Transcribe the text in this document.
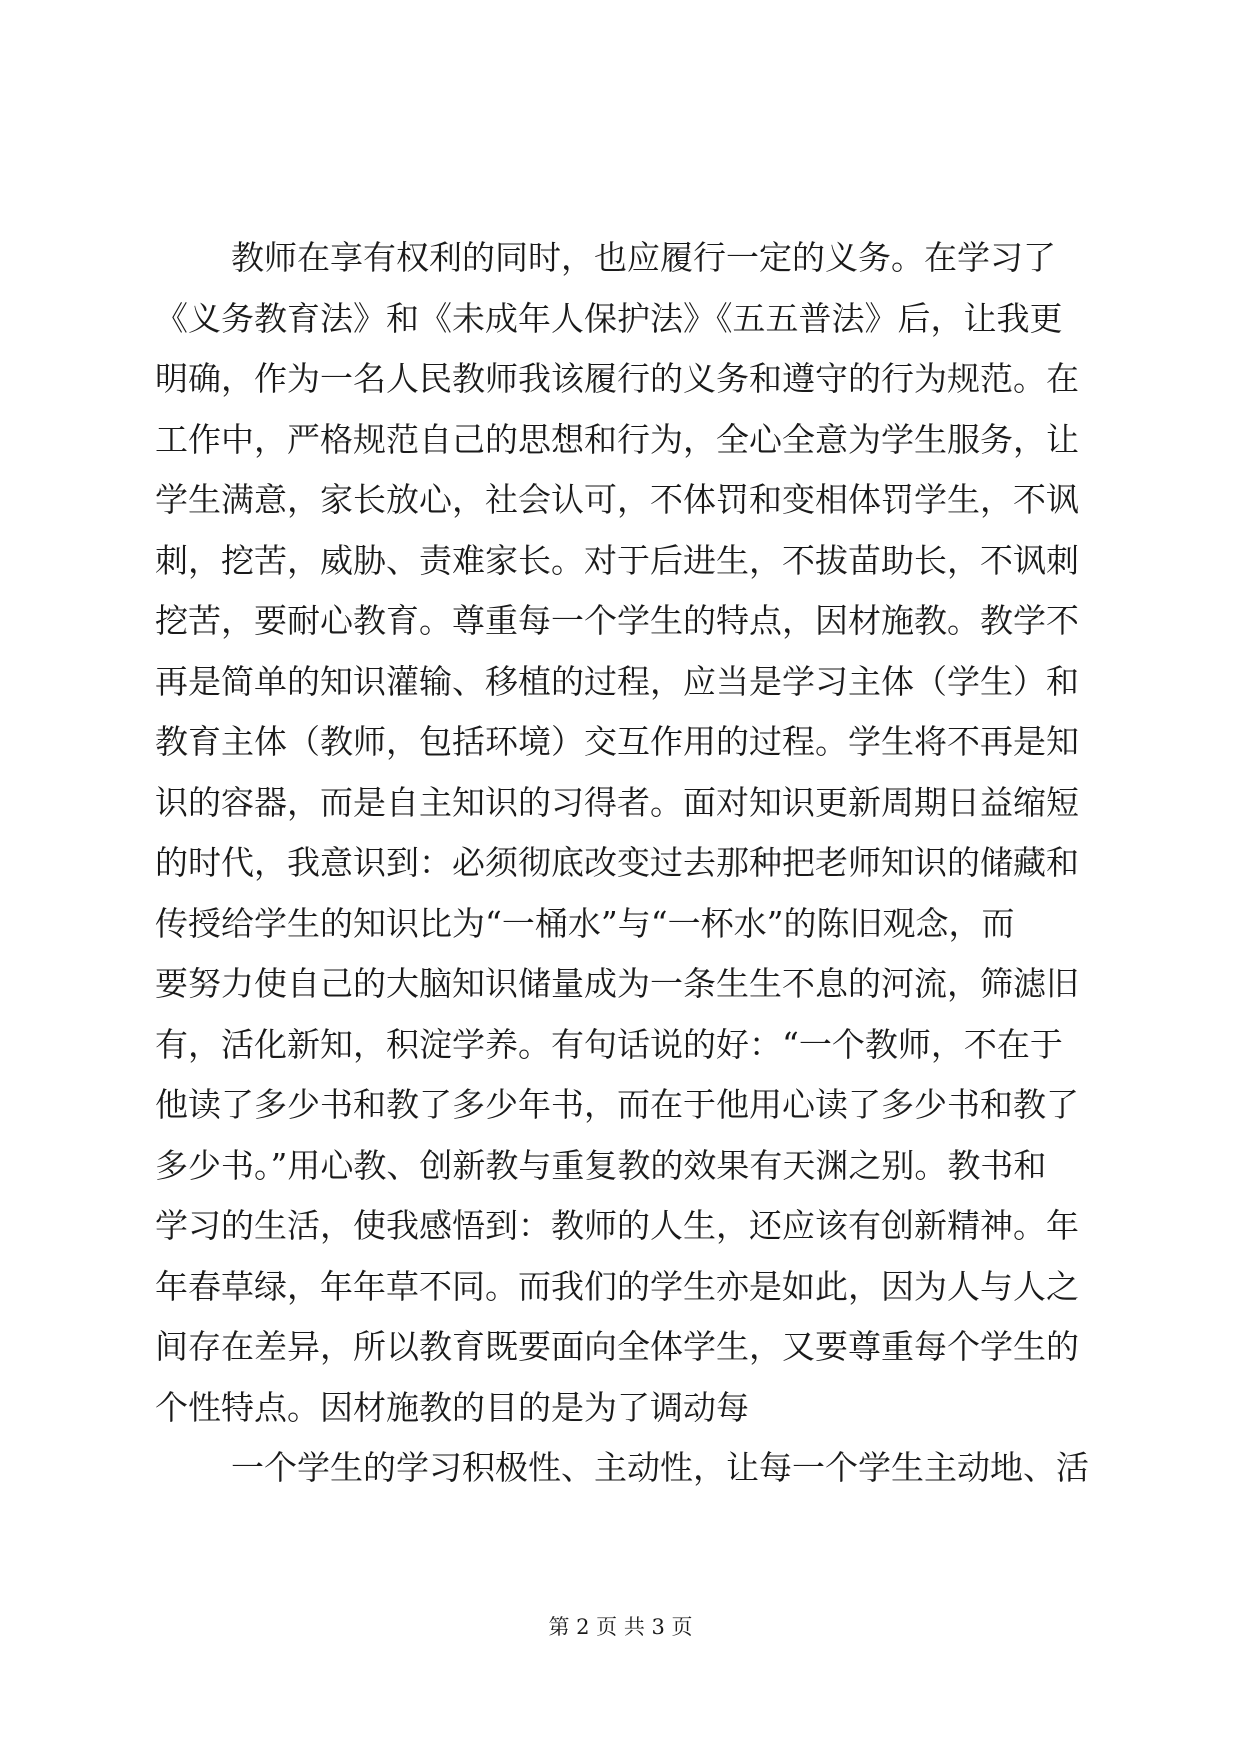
教师在享有权利的同时，也应履行一定的义务。在学习了
《义务教育法》和《未成年人保护法》《五五普法》后，让我更
明确，作为一名人民教师我该履行的义务和遵守的行为规范。在
工作中，严格规范自己的思想和行为，全心全意为学生服务，让
学生满意，家长放心，社会认可，不体罚和变相体罚学生，不讽
刺，挖苦，威胁、责难家长。对于后进生，不拔苗助长，不讽刺
挖苦，要耐心教育。尊重每一个学生的特点，因材施教。教学不
再是简单的知识灌输、移植的过程，应当是学习主体（学生）和
教育主体（教师，包括环境）交互作用的过程。学生将不再是知
识的容器，而是自主知识的习得者。面对知识更新周期日益缩短
的时代，我意识到：必须彻底改变过去那种把老师知识的储藏和
传授给学生的知识比为“一桶水”与“一杯水”的陈旧观念，而
要努力使自己的大脑知识储量成为一条生生不息的河流，筛滤旧
有，活化新知，积淀学养。有句话说的好：“一个教师，不在于
他读了多少书和教了多少年书，而在于他用心读了多少书和教了
多少书。”用心教、创新教与重复教的效果有天渊之别。教书和
学习的生活，使我感悟到：教师的人生，还应该有创新精神。年
年春草绿，年年草不同。而我们的学生亦是如此，因为人与人之
间存在差异，所以教育既要面向全体学生，又要尊重每个学生的
个性特点。因材施教的目的是为了调动每
一个学生的学习积极性、主动性，让每一个学生主动地、活
第 2 页 共 3 页
